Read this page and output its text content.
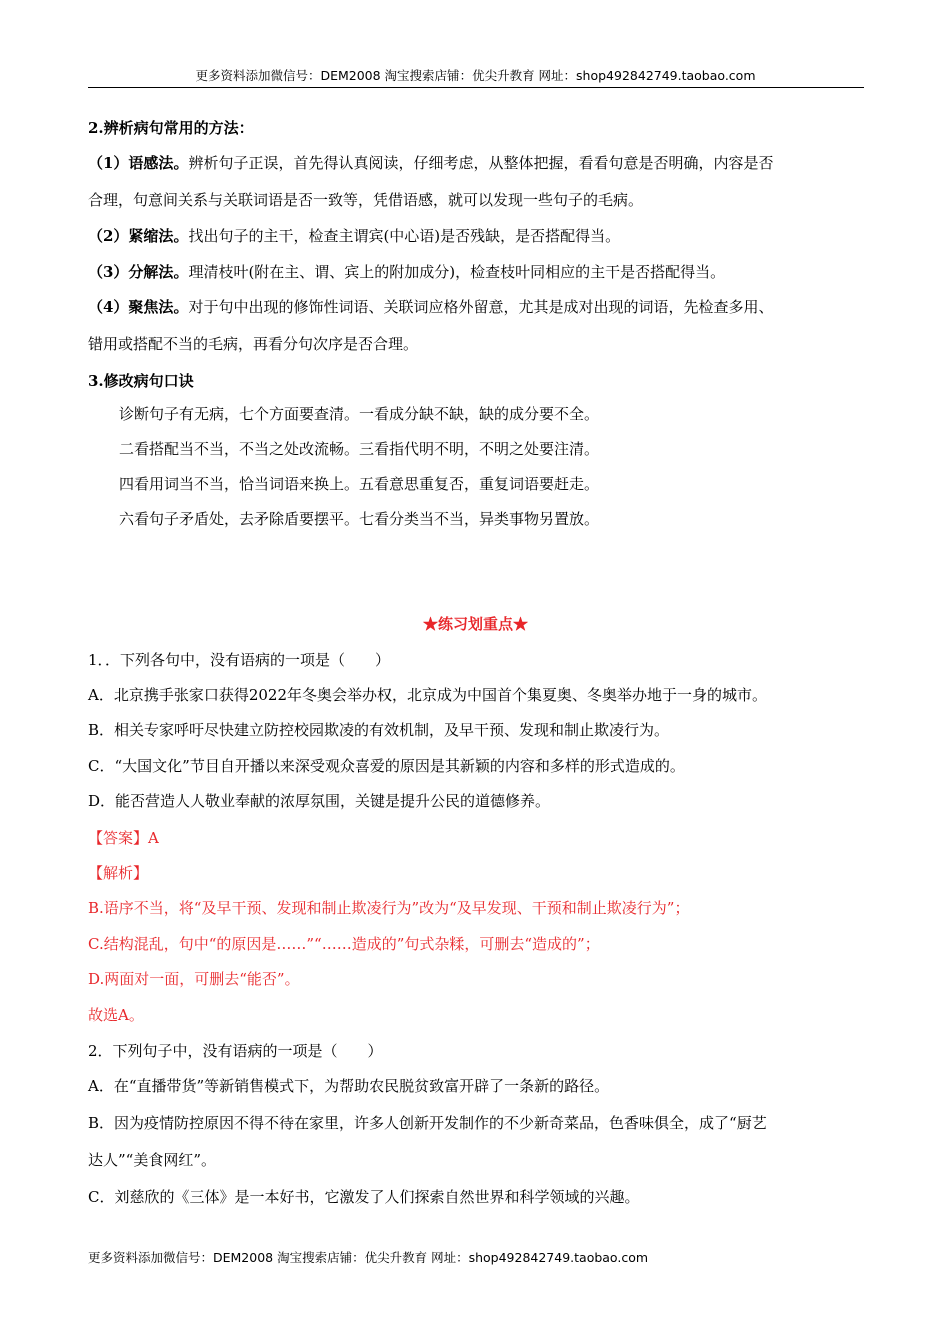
更多资料添加微信号：DEM2008 淘宝搜索店铺：优尖升教育 网址：shop492842749.taobao.com
2.辨析病句常用的方法：
（1）语感法。辨析句子正误，首先得认真阅读，仔细考虑，从整体把握，看看句意是否明确，内容是否
合理，句意间关系与关联词语是否一致等，凭借语感，就可以发现一些句子的毛病。
（2）紧缩法。找出句子的主干，检查主谓宾(中心语)是否残缺，是否搭配得当。
（3）分解法。理清枝叶(附在主、谓、宾上的附加成分)，检查枝叶同相应的主干是否搭配得当。
（4）聚焦法。对于句中出现的修饰性词语、关联词应格外留意，尤其是成对出现的词语，先检查多用、
错用或搭配不当的毛病，再看分句次序是否合理。
3.修改病句口诀
诊断句子有无病，七个方面要查清。一看成分缺不缺，缺的成分要不全。
二看搭配当不当，不当之处改流畅。三看指代明不明，不明之处要注清。
四看用词当不当，恰当词语来换上。五看意思重复否，重复词语要赶走。
六看句子矛盾处，去矛除盾要摆平。七看分类当不当，异类事物另置放。
★练习划重点★
1．．下列各句中，没有语病的一项是（　　）
A．北京携手张家口获得2022年冬奥会举办权，北京成为中国首个集夏奥、冬奥举办地于一身的城市。
B．相关专家呼吁尽快建立防控校园欺凌的有效机制，及早干预、发现和制止欺凌行为。
C．“大国文化”节目自开播以来深受观众喜爱的原因是其新颖的内容和多样的形式造成的。
D．能否营造人人敬业奉献的浓厚氛围，关键是提升公民的道德修养。
【答案】A
【解析】
B.语序不当，将“及早干预、发现和制止欺凌行为”改为“及早发现、干预和制止欺凌行为”；
C.结构混乱，句中“的原因是……”“……造成的”句式杂糅，可删去“造成的”；
D.两面对一面，可删去“能否”。
故选A。
2．下列句子中，没有语病的一项是（　　）
A．在“直播带货”等新销售模式下，为帮助农民脱贫致富开辟了一条新的路径。
B．因为疫情防控原因不得不待在家里，许多人创新开发制作的不少新奇菜品，色香味俱全，成了“厨艺
达人”“美食网红”。
C．刘慈欣的《三体》是一本好书，它激发了人们探索自然世界和科学领域的兴趣。
更多资料添加微信号：DEM2008 淘宝搜索店铺：优尖升教育 网址：shop492842749.taobao.com
